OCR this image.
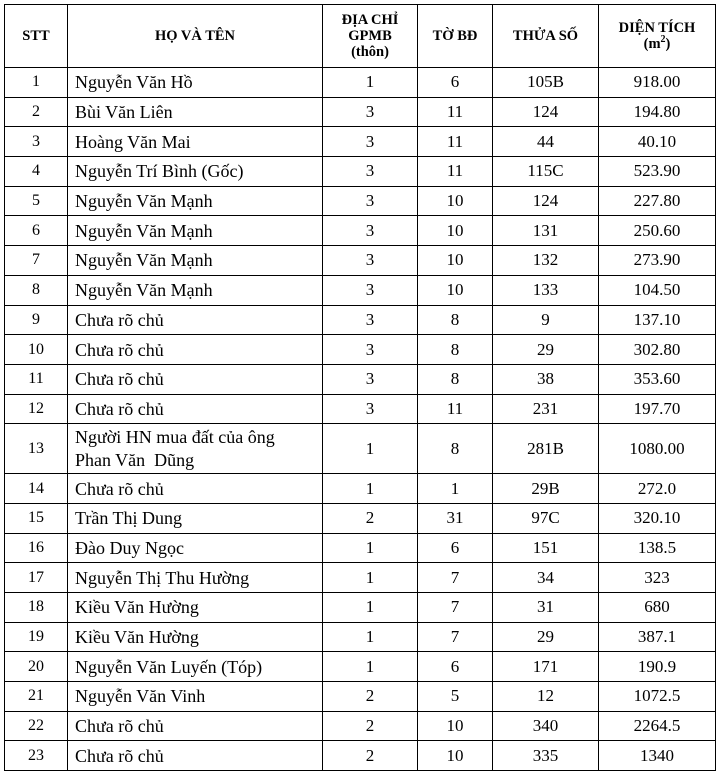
STT	HỌ VÀ TÊN	ĐỊA CHỈ
GPMB
(thôn)	TỜ BĐ	THỬA SỐ	DIỆN TÍCH
$(m^2)$
1	Nguyễn Văn Hồ	1	6	105B	918.00
2	Bùi Văn Liên	3	11	124	194.80
3	Hoàng Văn Mai	3	11	44	40.10
4	Nguyễn Trí Bình (Gốc)	3	11	115C	523.90
5	Nguyễn Văn Mạnh	3	10	124	227.80
6	Nguyễn Văn Mạnh	3	10	131	250.60
7	Nguyễn Văn Mạnh	3	10	132	273.90
8	Nguyễn Văn Mạnh	3	10	133	104.50
9	Chưa rõ chủ	3	8	9	137.10
10	Chưa rõ chủ	3	8	29	302.80
11	Chưa rõ chủ	3	8	38	353.60
12	Chưa rõ chủ	3	11	231	197.70
13	Người HN mua đất của ông
Phan Văn  Dũng	1	8	281B	1080.00
14	Chưa rõ chủ	1	1	29B	272.0
15	Trần Thị Dung	2	31	97C	320.10
16	Đào Duy Ngọc	1	6	151	138.5
17	Nguyễn Thị Thu Hường	1	7	34	323
18	Kiều Văn Hường	1	7	31	680
19	Kiều Văn Hường	1	7	29	387.1
20	Nguyễn Văn Luyến (Tóp)	1	6	171	190.9
21	Nguyễn Văn Vinh	2	5	12	1072.5
22	Chưa rõ chủ	2	10	340	2264.5
23	Chưa rõ chủ	2	10	335	1340
